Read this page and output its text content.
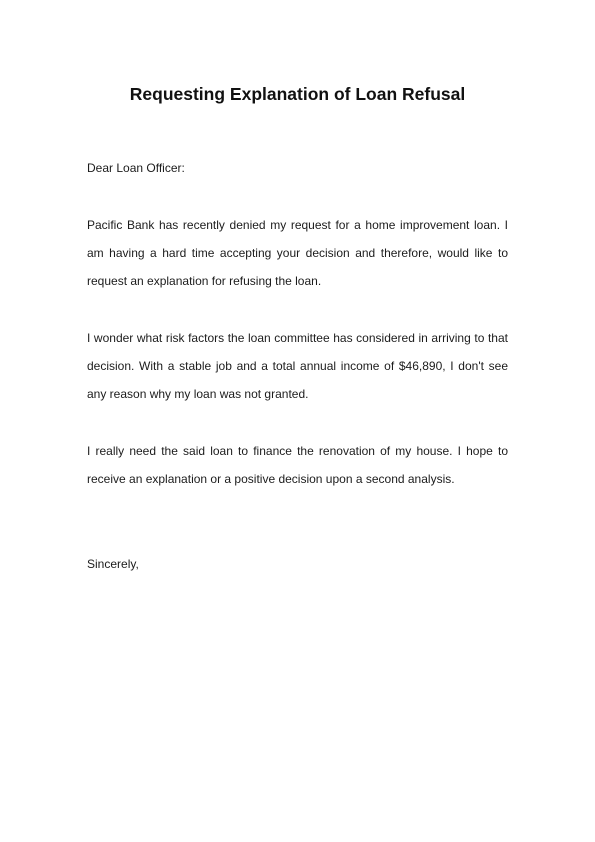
Requesting Explanation of Loan Refusal
Dear Loan Officer:
Pacific Bank has recently denied my request for a home improvement loan. I am having a hard time accepting your decision and therefore, would like to request an explanation for refusing the loan.
I wonder what risk factors the loan committee has considered in arriving to that decision. With a stable job and a total annual income of $46,890, I don't see any reason why my loan was not granted.
I really need the said loan to finance the renovation of my house. I hope to receive an explanation or a positive decision upon a second analysis.
Sincerely,
